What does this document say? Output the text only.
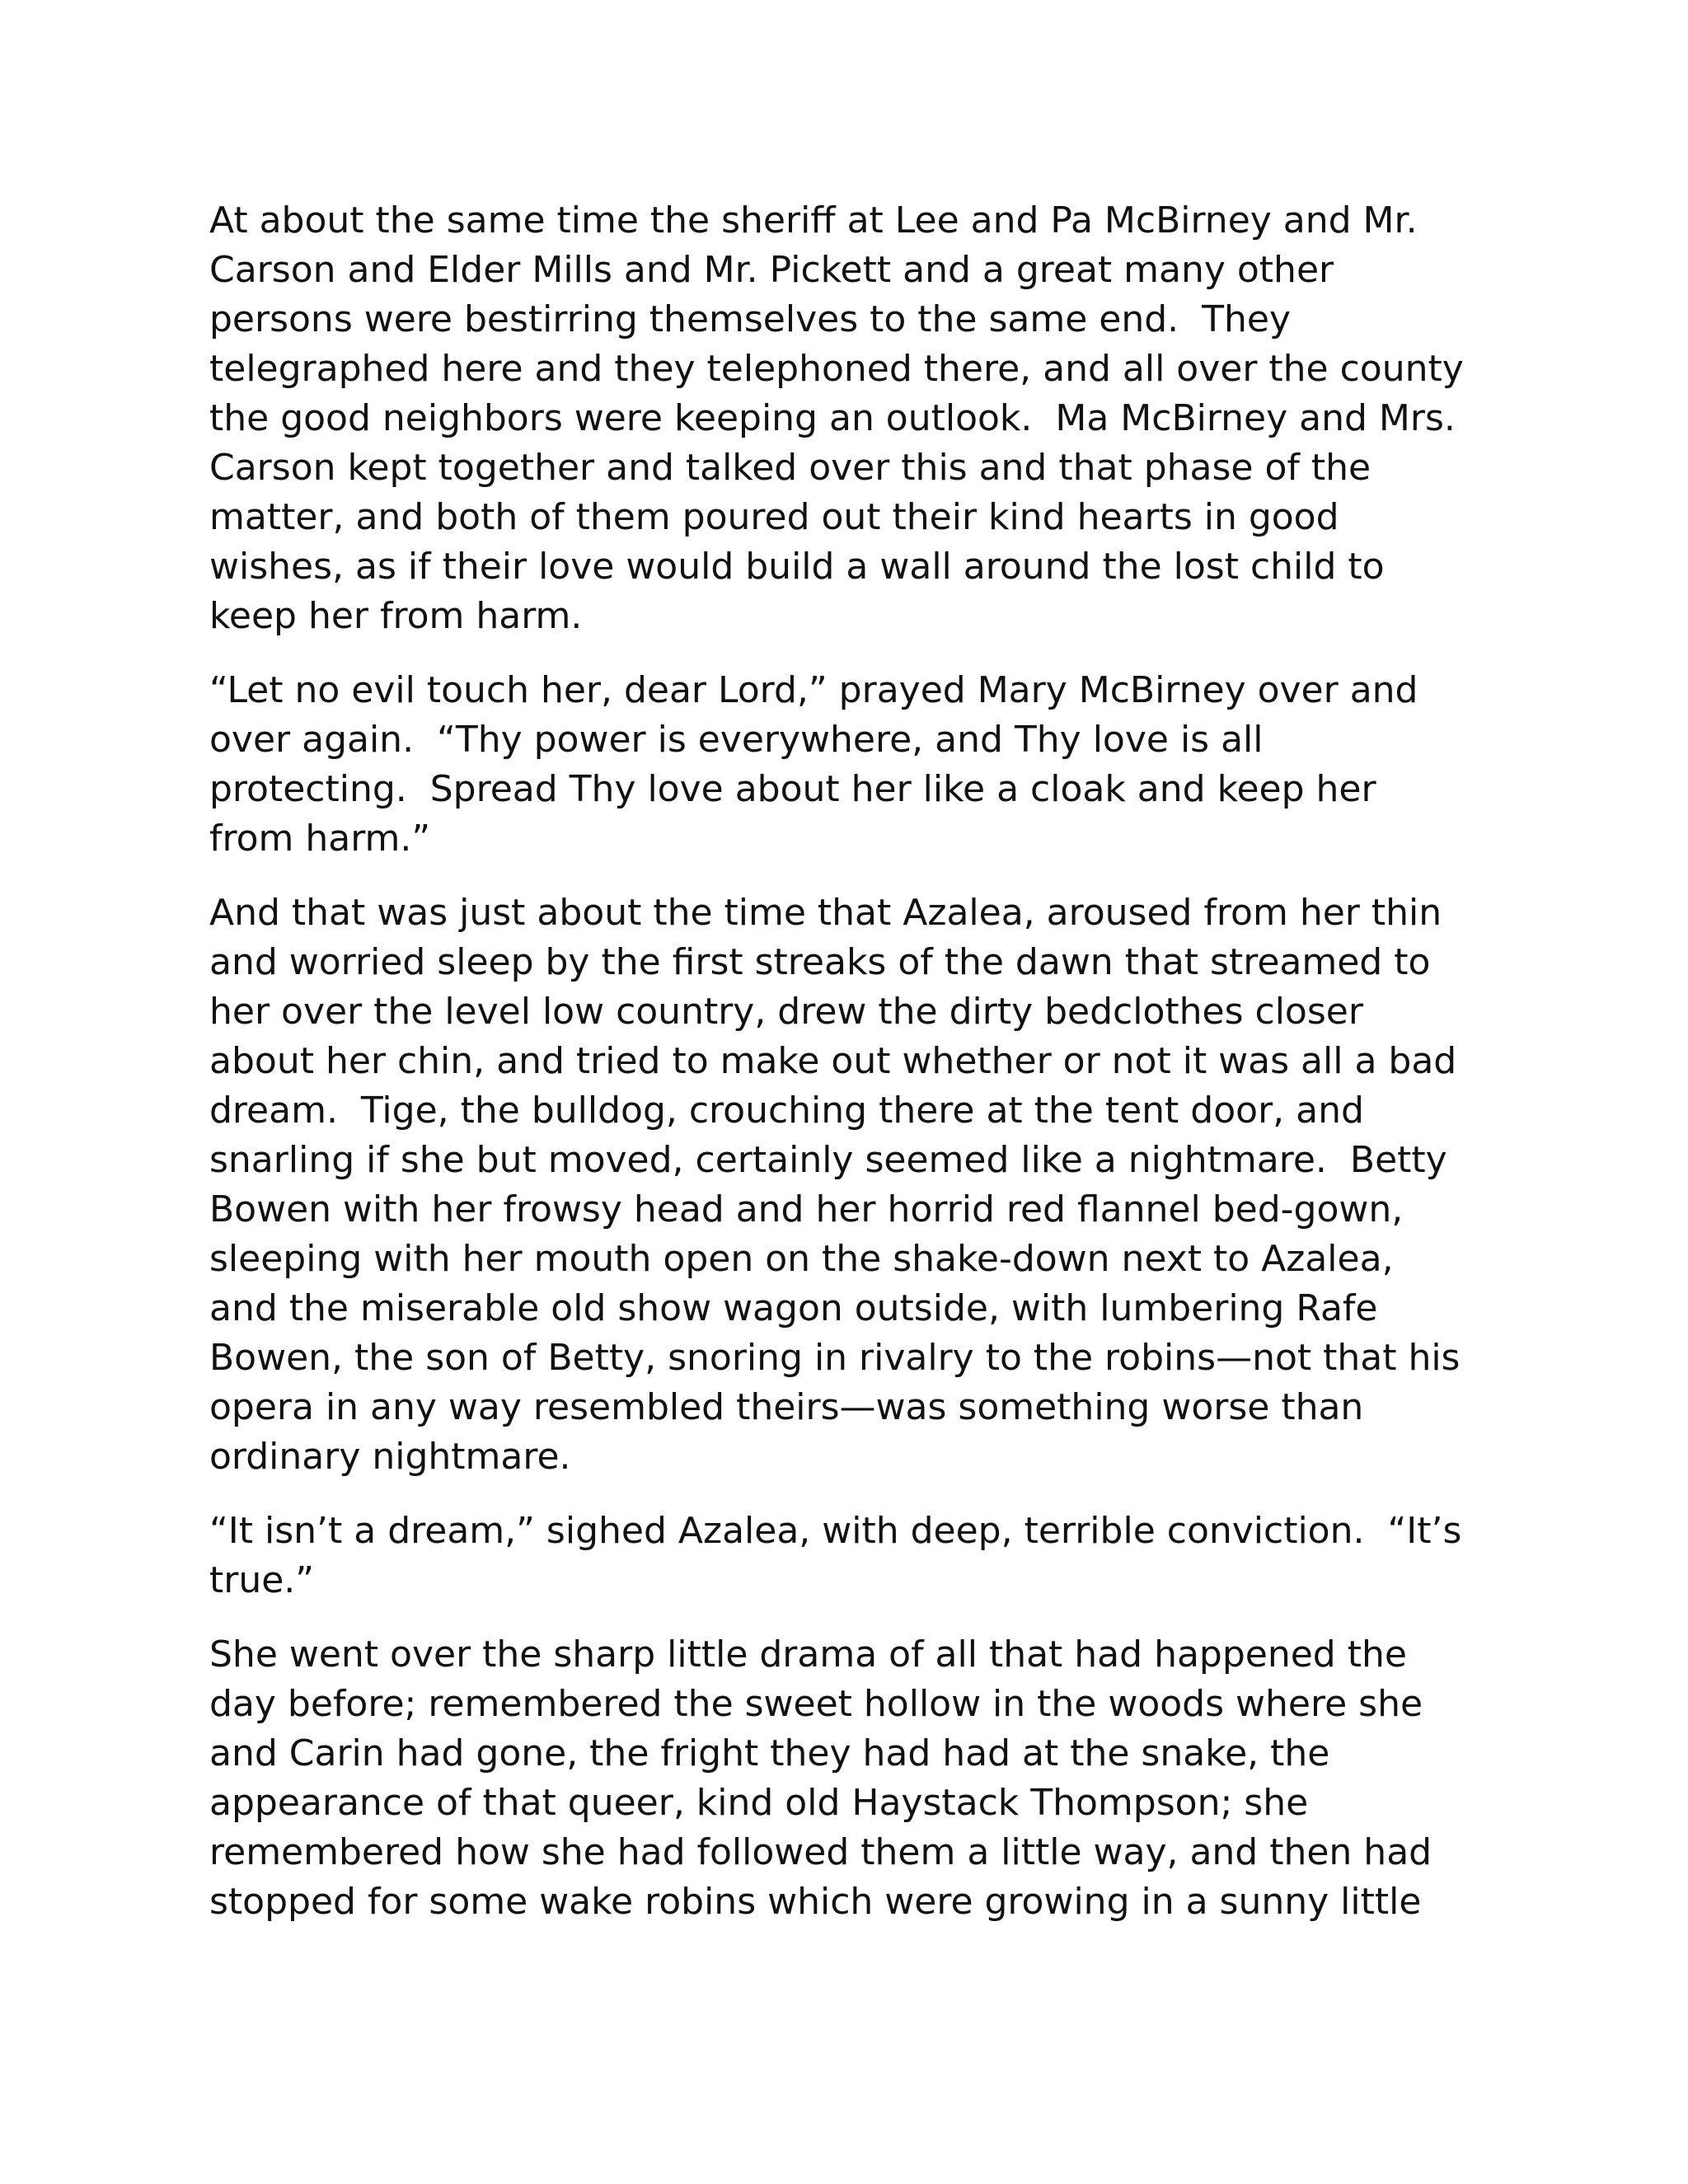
At about the same time the sheriff at Lee and Pa McBirney and Mr.
Carson and Elder Mills and Mr. Pickett and a great many other
persons were bestirring themselves to the same end.  They
telegraphed here and they telephoned there, and all over the county
the good neighbors were keeping an outlook.  Ma McBirney and Mrs.
Carson kept together and talked over this and that phase of the
matter, and both of them poured out their kind hearts in good
wishes, as if their love would build a wall around the lost child to
keep her from harm.

“Let no evil touch her, dear Lord,” prayed Mary McBirney over and
over again.  “Thy power is everywhere, and Thy love is all
protecting.  Spread Thy love about her like a cloak and keep her
from harm.”

And that was just about the time that Azalea, aroused from her thin
and worried sleep by the first streaks of the dawn that streamed to
her over the level low country, drew the dirty bedclothes closer
about her chin, and tried to make out whether or not it was all a bad
dream.  Tige, the bulldog, crouching there at the tent door, and
snarling if she but moved, certainly seemed like a nightmare.  Betty
Bowen with her frowsy head and her horrid red flannel bed-gown,
sleeping with her mouth open on the shake-down next to Azalea,
and the miserable old show wagon outside, with lumbering Rafe
Bowen, the son of Betty, snoring in rivalry to the robins—not that his
opera in any way resembled theirs—was something worse than
ordinary nightmare.

“It isn’t a dream,” sighed Azalea, with deep, terrible conviction.  “It’s
true.”

She went over the sharp little drama of all that had happened the
day before; remembered the sweet hollow in the woods where she
and Carin had gone, the fright they had had at the snake, the
appearance of that queer, kind old Haystack Thompson; she
remembered how she had followed them a little way, and then had
stopped for some wake robins which were growing in a sunny little
